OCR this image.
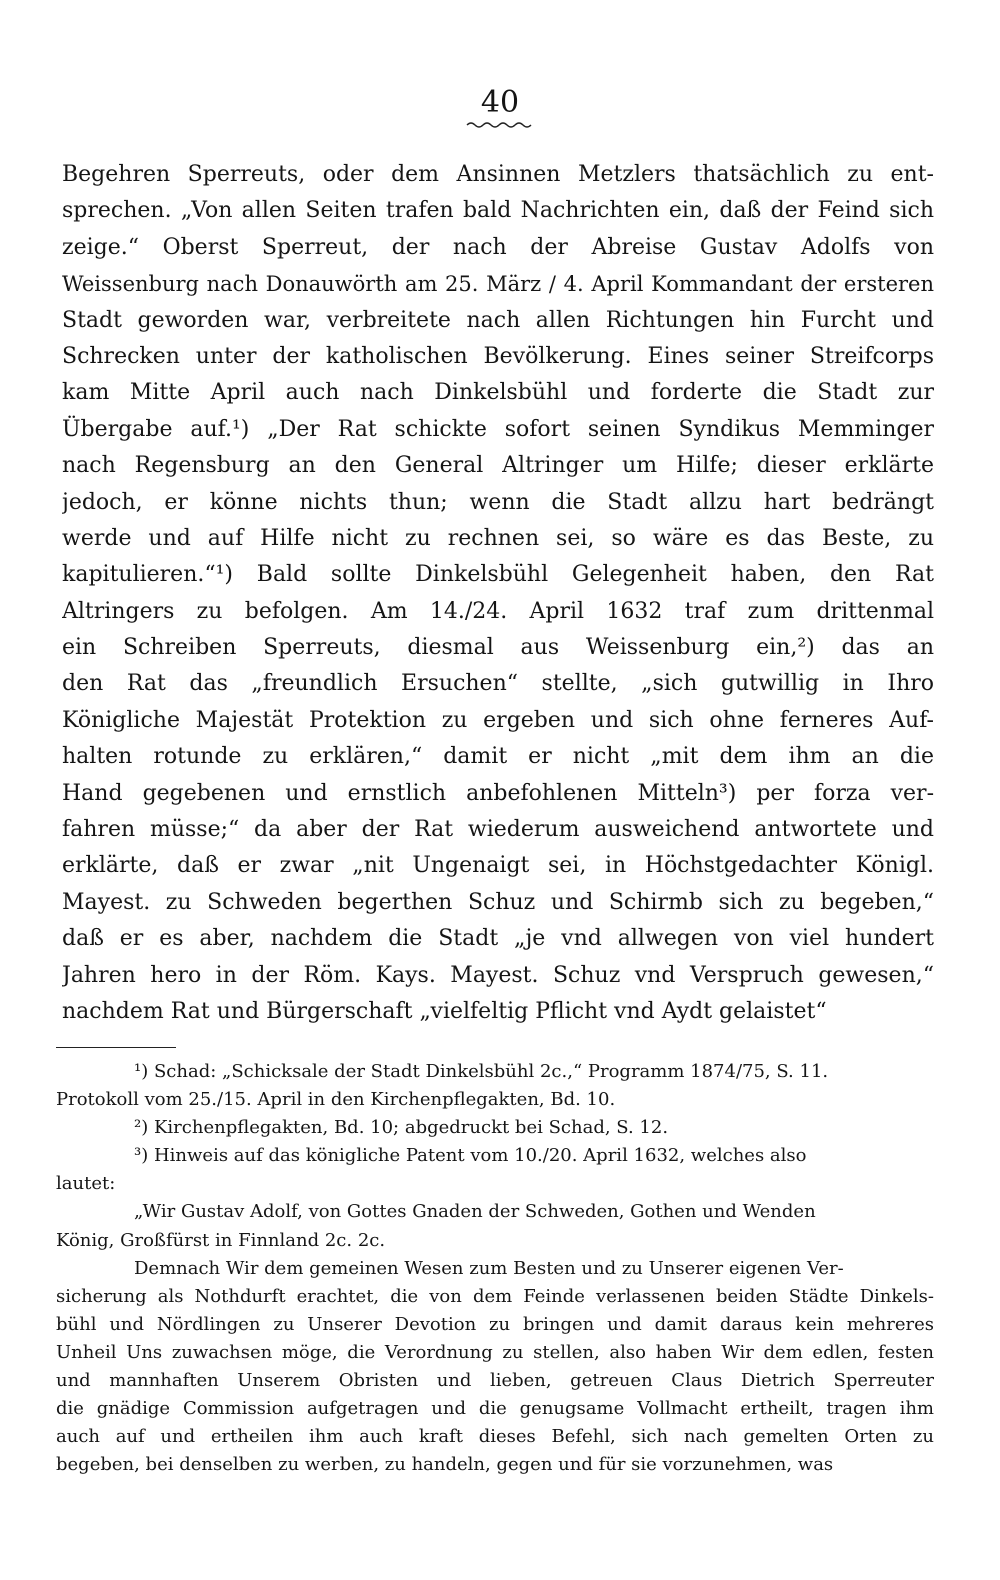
40
Begehren Sperreuts, oder dem Ansinnen Metzlers thatsächlich zu ent-
sprechen. „Von allen Seiten trafen bald Nachrichten ein, daß der Feind sich
zeige.“ Oberst Sperreut, der nach der Abreise Gustav Adolfs von
Weissenburg nach Donauwörth am 25. März / 4. April Kommandant der ersteren
Stadt geworden war, verbreitete nach allen Richtungen hin Furcht und
Schrecken unter der katholischen Bevölkerung. Eines seiner Streifcorps
kam Mitte April auch nach Dinkelsbühl und forderte die Stadt zur
Übergabe auf.¹) „Der Rat schickte sofort seinen Syndikus Memminger
nach Regensburg an den General Altringer um Hilfe; dieser erklärte
jedoch, er könne nichts thun; wenn die Stadt allzu hart bedrängt
werde und auf Hilfe nicht zu rechnen sei, so wäre es das Beste, zu
kapitulieren.“¹) Bald sollte Dinkelsbühl Gelegenheit haben, den Rat
Altringers zu befolgen. Am 14./24. April 1632 traf zum drittenmal
ein Schreiben Sperreuts, diesmal aus Weissenburg ein,²) das an
den Rat das „freundlich Ersuchen“ stellte, „sich gutwillig in Ihro
Königliche Majestät Protektion zu ergeben und sich ohne ferneres Auf-
halten rotunde zu erklären,“ damit er nicht „mit dem ihm an die
Hand gegebenen und ernstlich anbefohlenen Mitteln³) per forza ver-
fahren müsse;“ da aber der Rat wiederum ausweichend antwortete und
erklärte, daß er zwar „nit Ungenaigt sei, in Höchstgedachter Königl.
Mayest. zu Schweden begerthen Schuz und Schirmb sich zu begeben,“
daß er es aber, nachdem die Stadt „je vnd allwegen von viel hundert
Jahren hero in der Röm. Kays. Mayest. Schuz vnd Verspruch gewesen,“
nachdem Rat und Bürgerschaft „vielfeltig Pflicht vnd Aydt gelaistet“
¹) Schad: „Schicksale der Stadt Dinkelsbühl 2c.,“ Programm 1874/75, S. 11.
Protokoll vom 25./15. April in den Kirchenpflegakten, Bd. 10.
²) Kirchenpflegakten, Bd. 10; abgedruckt bei Schad, S. 12.
³) Hinweis auf das königliche Patent vom 10./20. April 1632, welches also
lautet:
„Wir Gustav Adolf, von Gottes Gnaden der Schweden, Gothen und Wenden
König, Großfürst in Finnland 2c. 2c.
Demnach Wir dem gemeinen Wesen zum Besten und zu Unserer eigenen Ver-
sicherung als Nothdurft erachtet, die von dem Feinde verlassenen beiden Städte Dinkels-
bühl und Nördlingen zu Unserer Devotion zu bringen und damit daraus kein mehreres
Unheil Uns zuwachsen möge, die Verordnung zu stellen, also haben Wir dem edlen, festen
und mannhaften Unserem Obristen und lieben, getreuen Claus Dietrich Sperreuter
die gnädige Commission aufgetragen und die genugsame Vollmacht ertheilt, tragen ihm
auch auf und ertheilen ihm auch kraft dieses Befehl, sich nach gemelten Orten zu
begeben, bei denselben zu werben, zu handeln, gegen und für sie vorzunehmen, was
